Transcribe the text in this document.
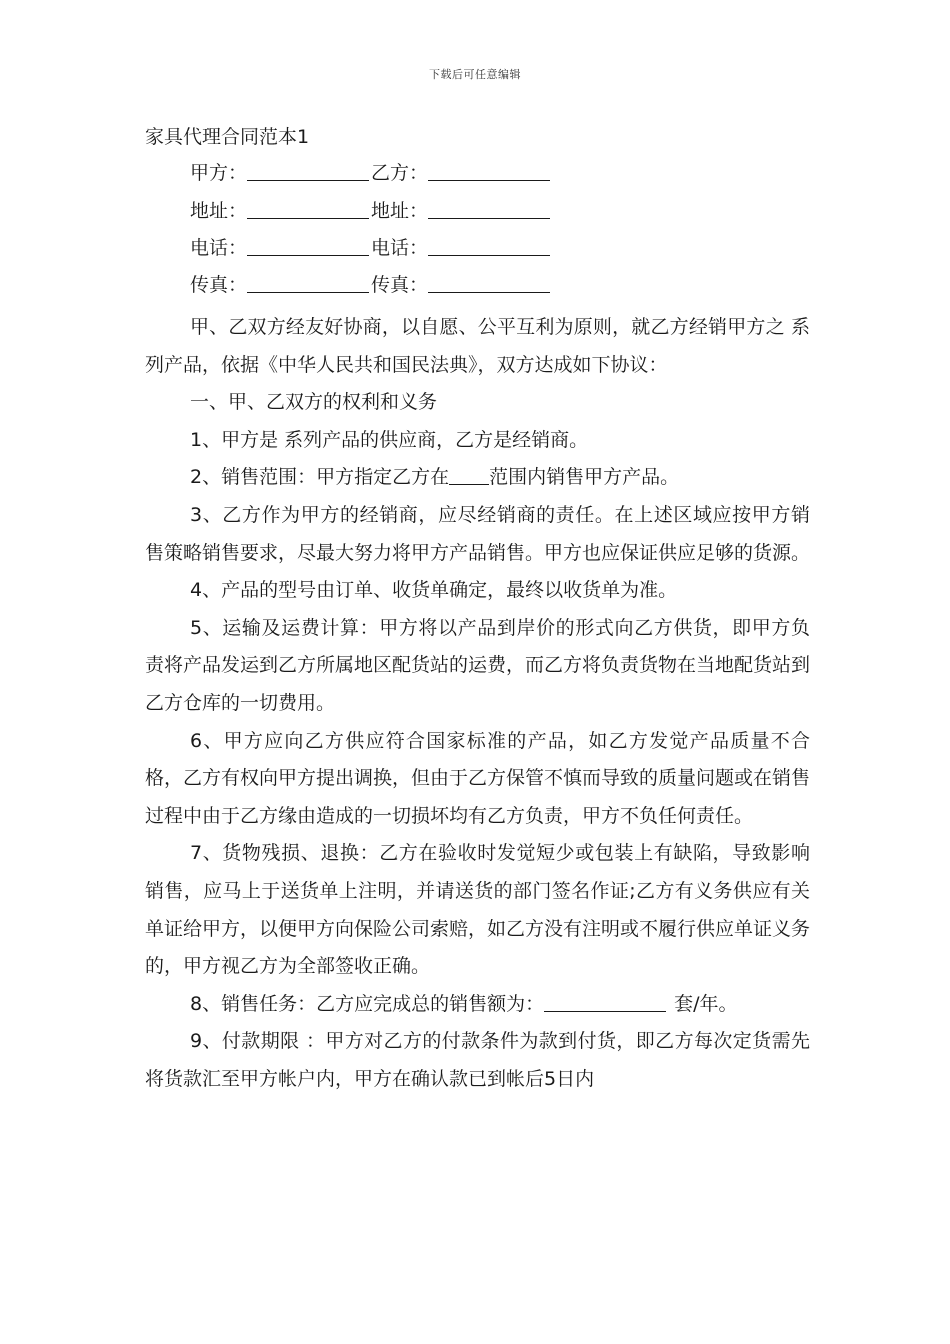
下载后可任意编辑
家具代理合同范本1
甲方：	乙方：
地址：	地址：
电话：	电话：
传真：	传真：

甲、乙双方经友好协商，以自愿、公平互利为原则，就乙方经销甲方之 系列产品，依据《中华人民共和国民法典》，双方达成如下协议：

一、甲、乙双方的权利和义务

1、甲方是 系列产品的供应商，乙方是经销商。

2、销售范围：甲方指定乙方在 范围内销售甲方产品。

3、乙方作为甲方的经销商，应尽经销商的责任。在上述区域应按甲方销售策略销售要求，尽最大努力将甲方产品销售。甲方也应保证供应足够的货源。

4、产品的型号由订单、收货单确定，最终以收货单为准。

5、运输及运费计算：甲方将以产品到岸价的形式向乙方供货，即甲方负责将产品发运到乙方所属地区配货站的运费，而乙方将负责货物在当地配货站到乙方仓库的一切费用。

6、甲方应向乙方供应符合国家标准的产品，如乙方发觉产品质量不合格，乙方有权向甲方提出调换，但由于乙方保管不慎而导致的质量问题或在销售过程中由于乙方缘由造成的一切损坏均有乙方负责，甲方不负任何责任。

7、货物残损、退换：乙方在验收时发觉短少或包装上有缺陷，导致影响销售，应马上于送货单上注明，并请送货的部门签名作证;乙方有义务供应有关单证给甲方，以便甲方向保险公司索赔，如乙方没有注明或不履行供应单证义务的，甲方视乙方为全部签收正确。

8、销售任务：乙方应完成总的销售额为：	套/年。

9、付款期限 ：甲方对乙方的付款条件为款到付货，即乙方每次定货需先将货款汇至甲方帐户内，甲方在确认款已到帐后5日内
